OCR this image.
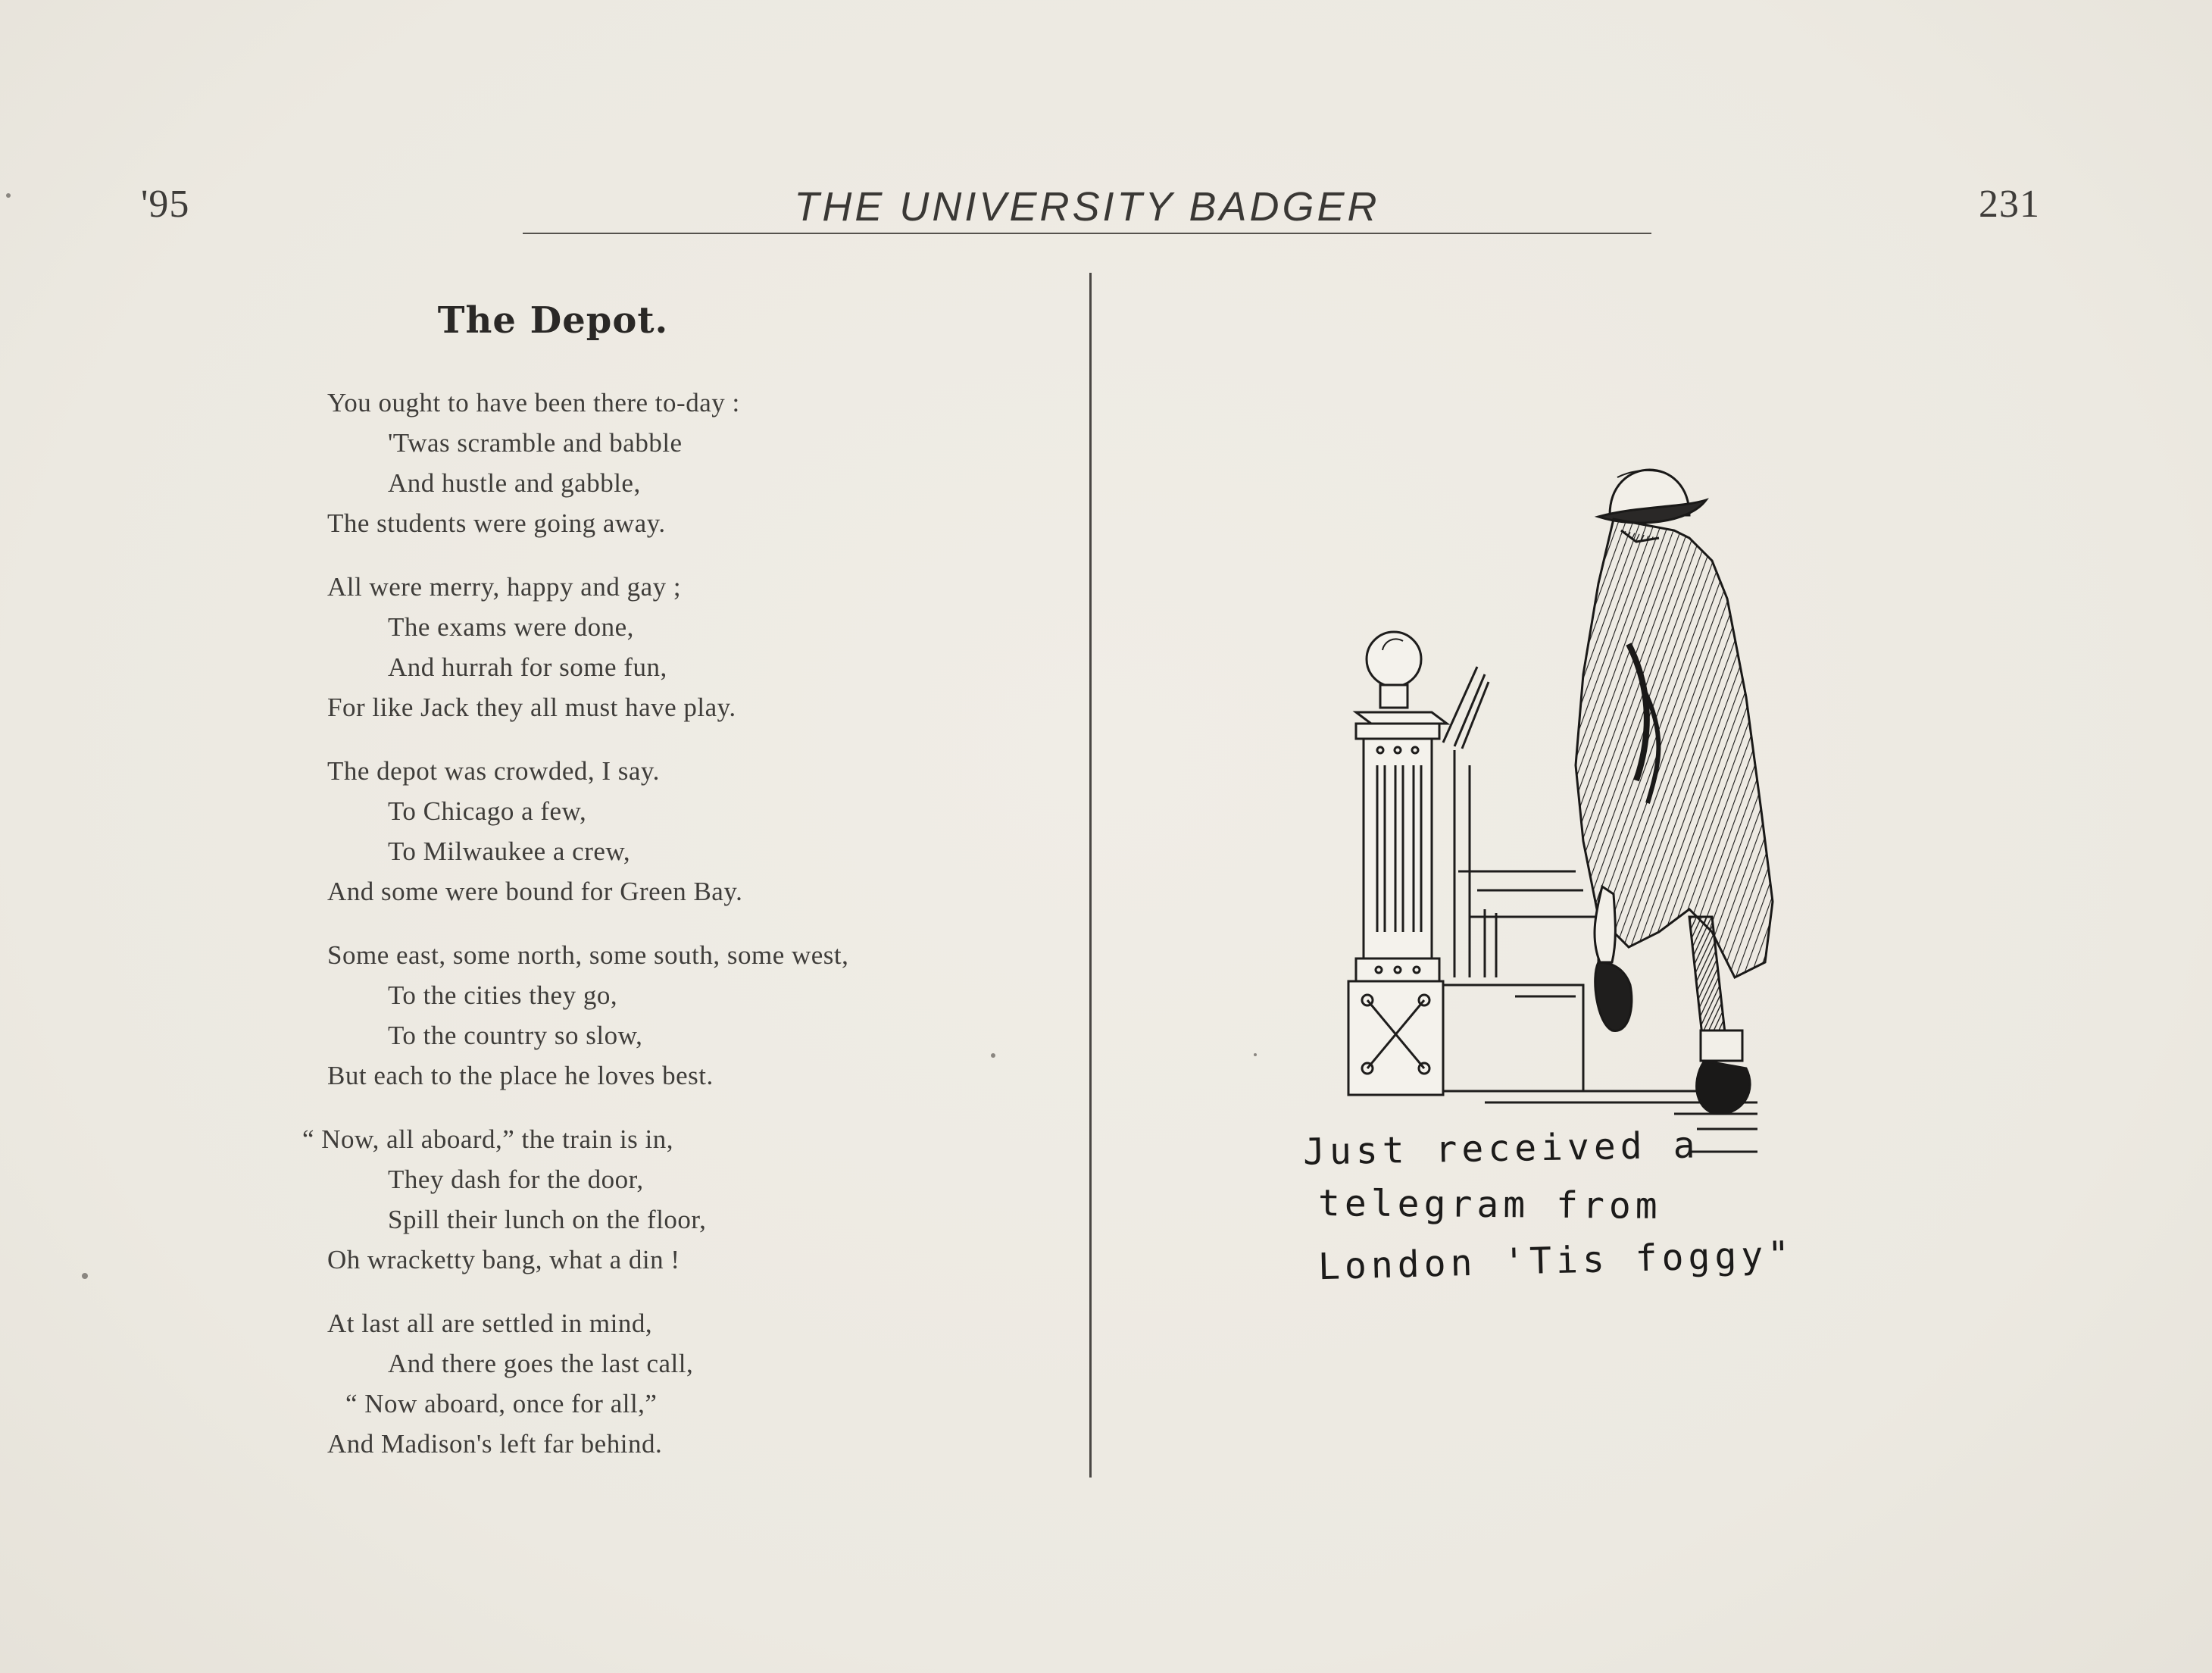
'95	THE UNIVERSITY BADGER	231
The Depot.
You ought to have been there to-day :
'Twas scramble and babble
And hustle and gabble,
The students were going away.
All were merry, happy and gay ;
The exams were done,
And hurrah for some fun,
For like Jack they all must have play.
The depot was crowded, I say.
To Chicago a few,
To Milwaukee a crew,
And some were bound for Green Bay.
Some east, some north, some south, some west,
To the cities they go,
To the country so slow,
But each to the place he loves best.
“ Now, all aboard,” the train is in,
They dash for the door,
Spill their lunch on the floor,
Oh wracketty bang, what a din !
At last all are settled in mind,
And there goes the last call,
“ Now aboard, once for all,”
And Madison's left far behind.
Just received a
telegram from
London 'Tis foggy"
